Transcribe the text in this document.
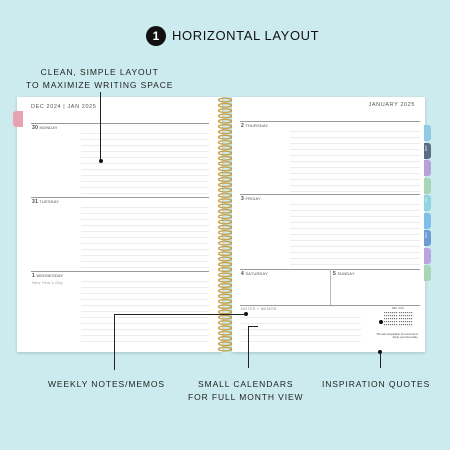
1 HORIZONTAL LAYOUT
CLEAN, SIMPLE LAYOUT
TO MAXIMIZE WRITING SPACE
DEC 2024 | JAN 2025
30 MONDAY
31 TUESDAY
1 WEDNESDAY
New Year's Day
JANUARY 2025
2 THURSDAY
3 FRIDAY
4 SATURDAY	5 SUNDAY
NOTES + MEMOS	DEC | JAN
The best preparation for tomorrow is doing your best today.
MAY
JUL
OCT
WEEKLY NOTES/MEMOS	SMALL CALENDARS
FOR FULL MONTH VIEW
INSPIRATION QUOTES
